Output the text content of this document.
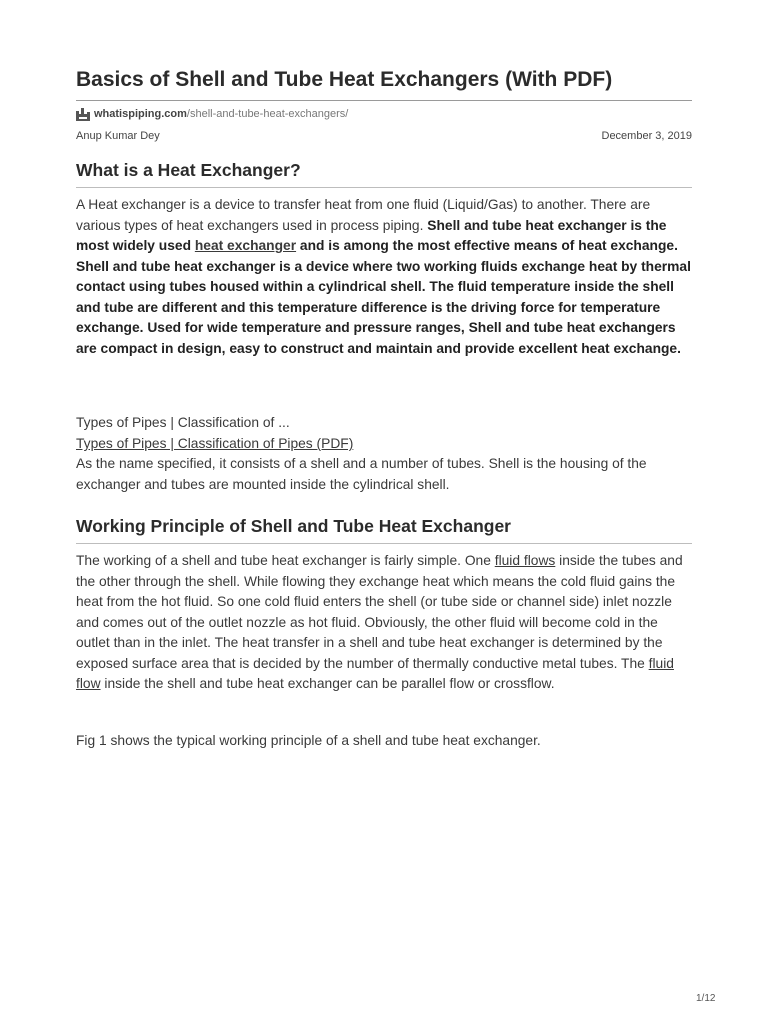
Basics of Shell and Tube Heat Exchangers (With PDF)
whatispiping.com /shell-and-tube-heat-exchangers/
Anup Kumar Dey	December 3, 2019
What is a Heat Exchanger?
A Heat exchanger is a device to transfer heat from one fluid (Liquid/Gas) to another. There are various types of heat exchangers used in process piping. Shell and tube heat exchanger is the most widely used heat exchanger and is among the most effective means of heat exchange. Shell and tube heat exchanger is a device where two working fluids exchange heat by thermal contact using tubes housed within a cylindrical shell. The fluid temperature inside the shell and tube are different and this temperature difference is the driving force for temperature exchange. Used for wide temperature and pressure ranges, Shell and tube heat exchangers are compact in design, easy to construct and maintain and provide excellent heat exchange.
Types of Pipes | Classification of ...
Types of Pipes | Classification of Pipes (PDF)
As the name specified, it consists of a shell and a number of tubes. Shell is the housing of the exchanger and tubes are mounted inside the cylindrical shell.
Working Principle of Shell and Tube Heat Exchanger
The working of a shell and tube heat exchanger is fairly simple. One fluid flows inside the tubes and the other through the shell. While flowing they exchange heat which means the cold fluid gains the heat from the hot fluid. So one cold fluid enters the shell (or tube side or channel side) inlet nozzle and comes out of the outlet nozzle as hot fluid. Obviously, the other fluid will become cold in the outlet than in the inlet. The heat transfer in a shell and tube heat exchanger is determined by the exposed surface area that is decided by the number of thermally conductive metal tubes. The fluid flow inside the shell and tube heat exchanger can be parallel flow or crossflow.
Fig 1 shows the typical working principle of a shell and tube heat exchanger.
1/12
